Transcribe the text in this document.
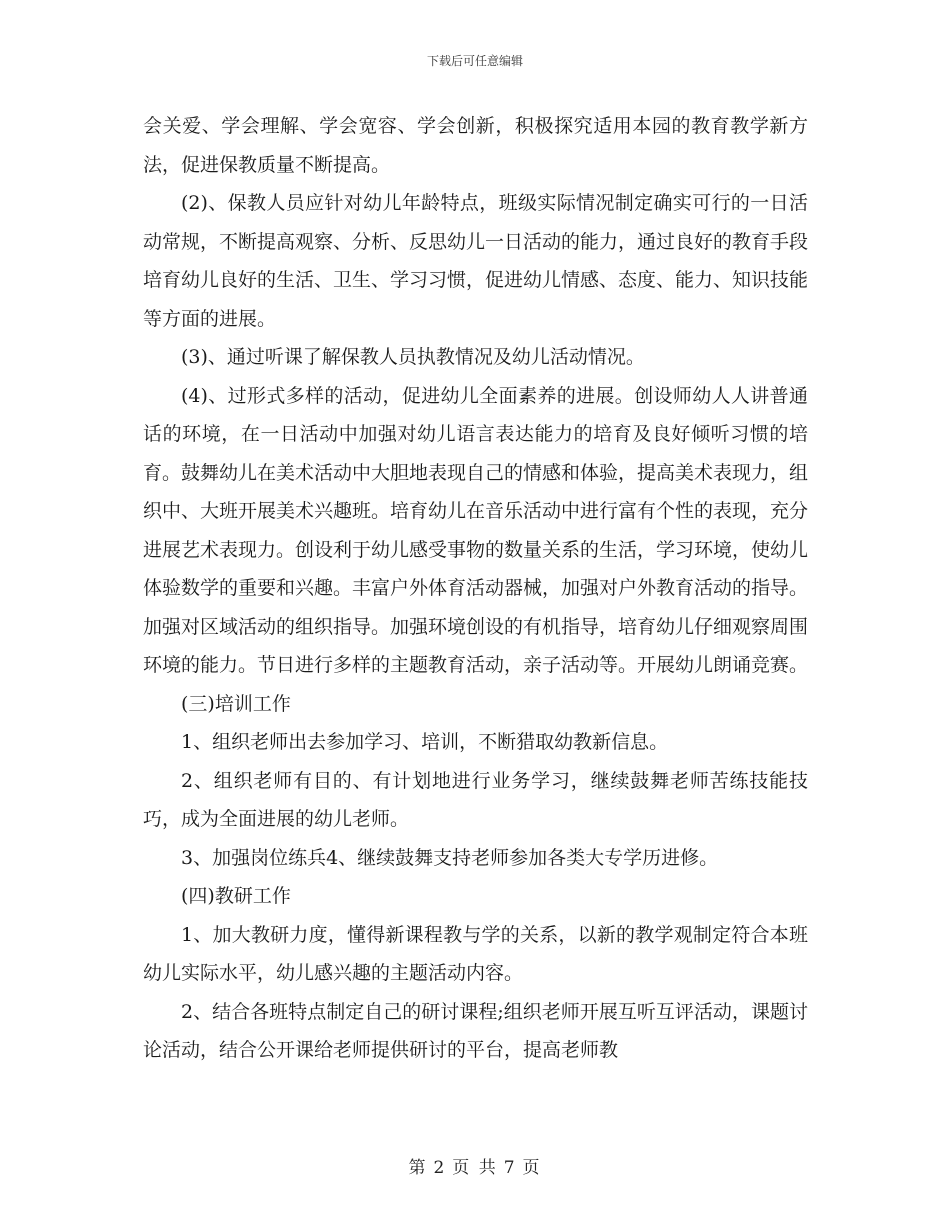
下载后可任意编辑

会关爱、学会理解、学会宽容、学会创新，积极探究适用本园的教育教学新方法，促进保教质量不断提高。

(2)、保教人员应针对幼儿年龄特点，班级实际情况制定确实可行的一日活动常规，不断提高观察、分析、反思幼儿一日活动的能力，通过良好的教育手段培育幼儿良好的生活、卫生、学习习惯，促进幼儿情感、态度、能力、知识技能等方面的进展。

(3)、通过听课了解保教人员执教情况及幼儿活动情况。

(4)、过形式多样的活动，促进幼儿全面素养的进展。创设师幼人人讲普通话的环境，在一日活动中加强对幼儿语言表达能力的培育及良好倾听习惯的培育。鼓舞幼儿在美术活动中大胆地表现自己的情感和体验，提高美术表现力，组织中、大班开展美术兴趣班。培育幼儿在音乐活动中进行富有个性的表现，充分进展艺术表现力。创设利于幼儿感受事物的数量关系的生活，学习环境，使幼儿体验数学的重要和兴趣。丰富户外体育活动器械，加强对户外教育活动的指导。加强对区域活动的组织指导。加强环境创设的有机指导，培育幼儿仔细观察周围环境的能力。节日进行多样的主题教育活动，亲子活动等。开展幼儿朗诵竞赛。

(三)培训工作

1、组织老师出去参加学习、培训，不断猎取幼教新信息。

2、组织老师有目的、有计划地进行业务学习，继续鼓舞老师苦练技能技巧，成为全面进展的幼儿老师。

3、加强岗位练兵4、继续鼓舞支持老师参加各类大专学历进修。

(四)教研工作

1、加大教研力度，懂得新课程教与学的关系，以新的教学观制定符合本班幼儿实际水平，幼儿感兴趣的主题活动内容。

2、结合各班特点制定自己的研讨课程;组织老师开展互听互评活动，课题讨论活动，结合公开课给老师提供研讨的平台，提高老师教

第 2 页 共 7 页
